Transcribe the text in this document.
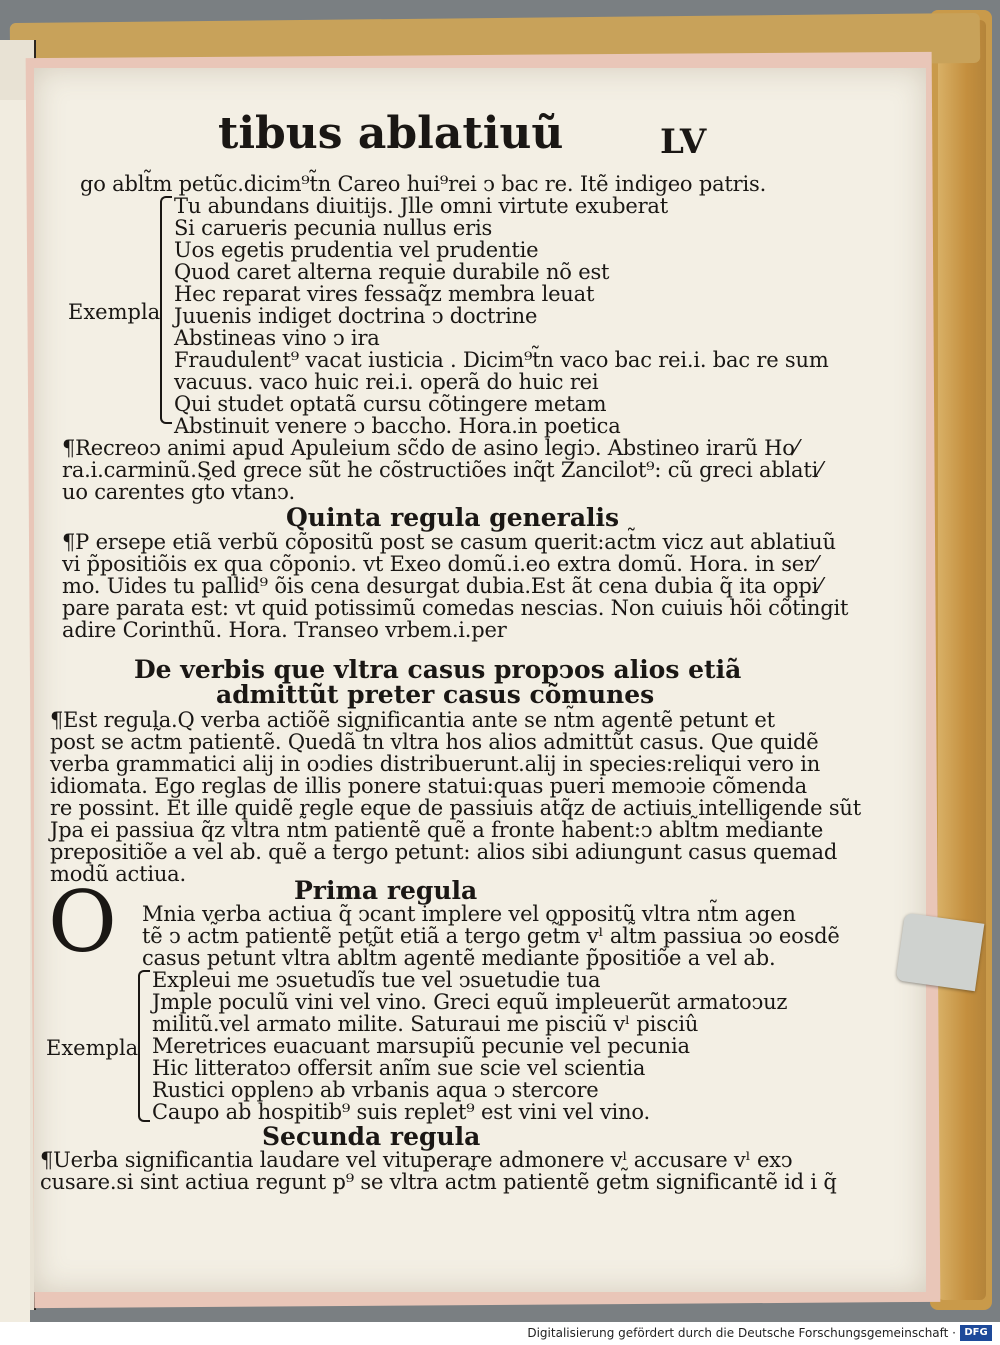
tibus ablatiuũ	LV
go ablt̃m petũc.dicim⁹t̃n Careo hui⁹rei ↄ bac re. Itẽ indigeo patris.
Exempla
Tu abundans diuitijs. Jlle omni virtute exuberat
Si carueris pecunia nullus eris
Uos egetis prudentia vel prudentie
Quod caret alterna requie durabile nõ est
Hec reparat vires fessaq̃z membra leuat
Juuenis indiget doctrina ↄ doctrine
Abstineas vino ↄ ira
Fraudulent⁹ vacat iusticia . Dicim⁹t̃n vaco bac rei.i. bac re sum
vacuus. vaco huic rei.i. operã do huic rei
Qui studet optatã cursu cõtingere metam
Abstinuit venere ↄ baccho. Hora.in poetica
¶Recreoↄ animi apud Apuleium sc̃do de asino legiↄ. Abstineo irarũ Ho⁄
ra.i.carminũ.Sed grece sũt he cõstructiões inq̃t Zancilot⁹: cũ greci ablati⁄
uo carentes gt̃o vtanↄ.
Quinta regula generalis
¶P ersepe etiã verbũ cõpositũ post se casum querit:act̃m vicz aut ablatiuũ
vi p̃positiõis ex qua cõponiↄ. vt Exeo domũ.i.eo extra domũ. Hora. in ser⁄
mo. Uides tu pallid⁹ õis cena desurgat dubia.Est ãt cena dubia q̃ ita oppi⁄
pare parata est: vt quid potissimũ comedas nescias. Non cuiuis hõi cõtingit
adire Corinthũ. Hora. Transeo vrbem.i.per
De verbis que vltra casus propↄos alios etiã
admittũt preter casus cõmunes
¶Est regula.Q verba actiõẽ significantia ante se nt̃m agentẽ petunt et
post se act̃m patientẽ. Quedã t̃n vltra hos alios admittũt casus. Que quidẽ
verba grammatici alij in oↄdies distribuerunt.alij in species:reliqui vero in
idiomata. Ego reglas de illis ponere statui:quas pueri memoↄie cõmenda
re possint. Et ille quidẽ regle eque de passiuis atq̃z de actiuis intelligende sũt
Jpa ei passiua q̃z vltra nt̃m patientẽ quẽ a fronte habent:ↄ ablt̃m mediante
prepositiõe a vel ab. quẽ a tergo petunt: alios sibi adiungunt casus quemad
modũ actiua.
Prima regula
O Mnia verba actiua q̃ ↄcant implere vel oppositũ vltra nt̃m agen
tẽ ↄ act̃m patientẽ petũt etiã a tergo get̃m vˡ alt̃m passiua ↄo eosdẽ
casus petunt vltra ablt̃m agentẽ mediante p̃positiõe a vel ab.
Exempla
Expleui me ↄsuetudĩs tue vel ↄsuetudie tua
Jmple poculũ vini vel vino. Greci equũ impleuerũt armatoↄuz
militũ.vel armato milite. Saturaui me pisciũ vˡ pisciû
Meretrices euacuant marsupiũ pecunie vel pecunia
Hic litteratoↄ offersit anĩm sue scie vel scientia
Rustici opplenↄ ab vrbanis aqua ↄ stercore
Caupo ab hospitib⁹ suis replet⁹ est vini vel vino.
Secunda regula
¶Uerba significantia laudare vel vituperare admonere vˡ accusare vˡ exↄ
cusare.si sint actiua regunt p⁹ se vltra act̃m patientẽ get̃m significantẽ id i q̃
Digitalisierung gefördert durch die Deutsche Forschungsgemeinschaft · DFG
